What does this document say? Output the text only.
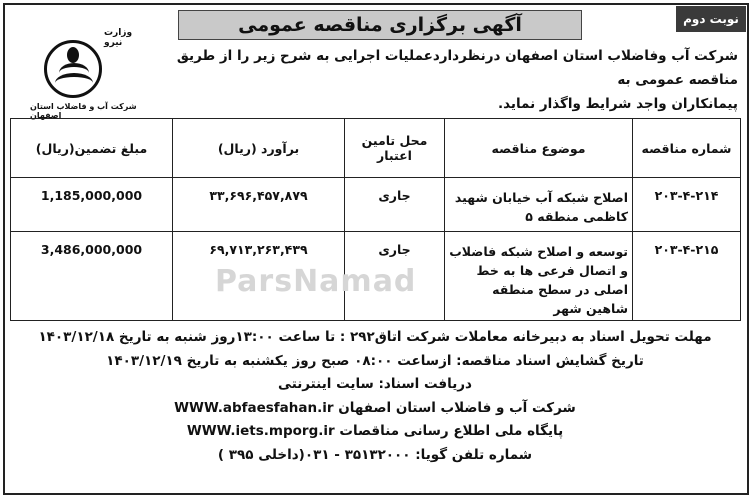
آگهی برگزاری مناقصه عمومی	نوبت دوم
وزارت نیرو
شرکت آب و فاضلاب استان اصفهان
شرکت آب وفاضلاب استان اصفهان درنظرداردعملیات اجرایی به شرح زیر را از طریق مناقصه عمومی به
پیمانکاران واجد شرایط واگذار نماید.
شماره مناقصه	موضوع مناقصه	محل تامین اعتبار	برآورد (ریال)	مبلغ تضمین(ریال)
۲۰۳-۴-۲۱۴	اصلاح شبکه آب خیابان شهید کاظمی منطقه ۵	جاری	۳۳,۶۹۶,۴۵۷,۸۷۹	1,185,000,000
۲۰۳-۴-۲۱۵	توسعه و اصلاح شبکه فاضلاب و اتصال فرعی ها به خط اصلی در سطح منطقه شاهین شهر	جاری	۶۹,۷۱۳,۲۶۳,۴۳۹	3,486,000,000
ParsNamad
مهلت تحویل اسناد به دبیرخانه معاملات شرکت اتاق۲۹۲ : تا ساعت ۱۳:۰۰روز شنبه به تاریخ ۱۴۰۳/۱۲/۱۸
تاریخ گشایش اسناد مناقصه: ازساعت ۰۸:۰۰ صبح روز یکشنبه به تاریخ ۱۴۰۳/۱۲/۱۹
دریافت اسناد: سایت اینترنتی
شرکت آب و فاضلاب استان اصفهان WWW.abfaesfahan.ir
پایگاه ملی اطلاع رسانی مناقصات WWW.iets.mporg.ir
شماره تلفن گویا: ۳۵۱۳۲۰۰۰ - ۰۳۱(داخلی ۳۹۵ )
